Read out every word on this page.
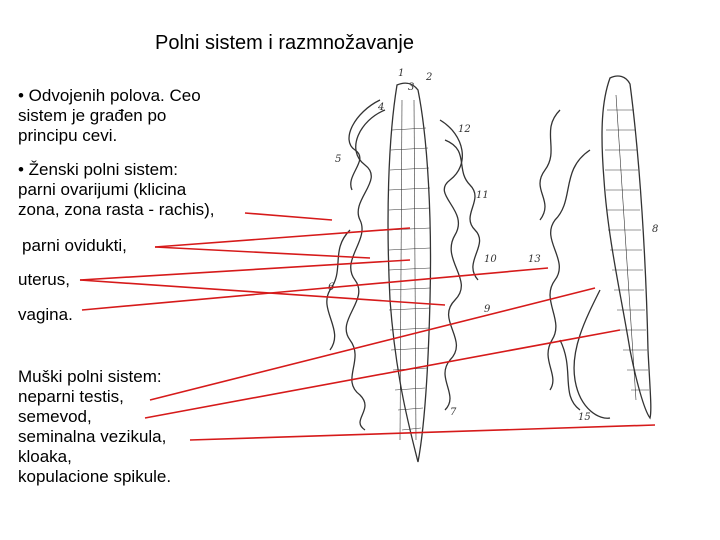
Polni sistem i razmnožavanje
• Odvojenih polova. Ceo
sistem je građen po
principu cevi.
• Ženski polni sistem:
parni ovarijumi (klicina
zona, zona rasta - rachis),
parni ovidukti,
uterus,
vagina.
Muški polni sistem:
neparni testis,
semevod,
seminalna vezikula,
kloaka,
kopulacione spikule.
1 2
3
4
5
6
7
8
9
10
11
12
13
15
